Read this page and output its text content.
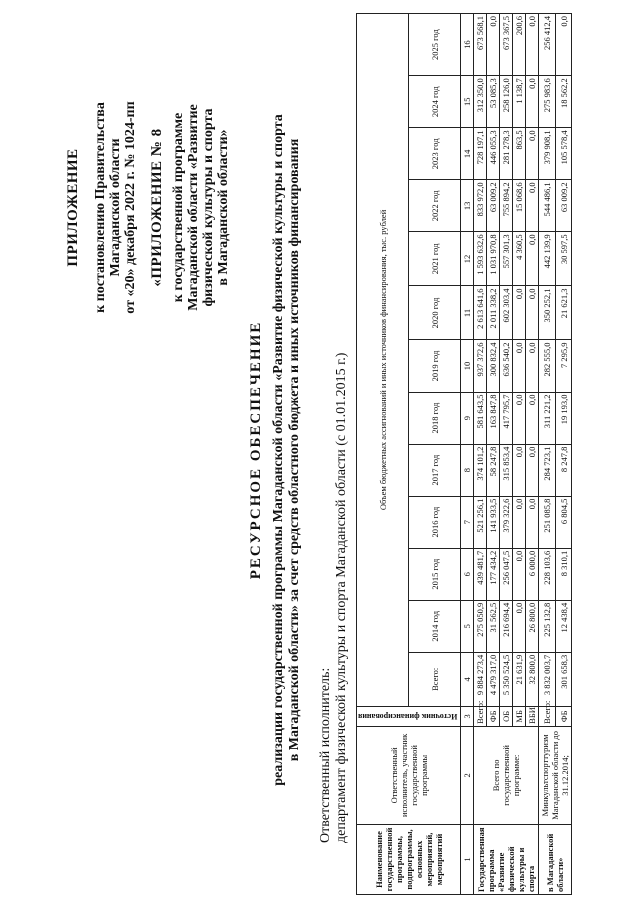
ПРИЛОЖЕНИЕ к постановлению Правительства Магаданской области от «20» декабря 2022 г. № 1024-пп «ПРИЛОЖЕНИЕ № 8 к государственной программе Магаданской области «Развитие физической культуры и спорта в Магаданской области»
РЕСУРСНОЕ ОБЕСПЕЧЕНИЕ реализации государственной программы Магаданской области «Развитие физической культуры и спорта в Магаданской области» за счет средств областного бюджета и иных источников финансирования Ответственный исполнитель: департамент физической культуры и спорта Магаданской области (с 01.01.2015 г.)
Наименование государственной программы, подпрограммы, основных мероприятий, мероприятий	Ответственный исполнитель, участник государственной программы	Источник финансирования	Объем бюджетных ассигнований и иных источников финансирования, тыс. рублей												
			Всего:	2014 год	2015 год	2016 год	2017 год	2018 год	2019 год	2020 год	2021 год	2022 год	2023 год	2024 год	2025 год
1	2	3	4	5	6	7	8	9	10	11	12	13	14	15	16
Государственная программа «Развитие физической культуры и спорта	Всего по государственной программе:	Всего:	9 884 273,4	275 050,9	439 481,7	521 256,1	374 101,2	581 643,5	937 372,6	2 613 641,6	1 593 632,6	833 972,0	728 197,1	312 350,0	673 568,1
		ФБ	4 479 317,0	31 562,5	177 434,2	141 933,5	58 247,8	163 847,8	300 832,4	2 011 338,2	1 031 970,8	63 009,2	446 055,3	53 085,3	0,0
		ОБ	5 350 524,5	216 694,4	256 047,5	379 322,6	315 853,4	417 795,7	636 540,2	602 303,4	557 301,3	755 894,2	281 278,3	258 126,0	673 367,5
		МБ	21 631,9	0,0	0,0	0,0	0,0	0,0	0,0	0,0	4 360,5	15 068,6	863,5	1 138,7	200,6
		ВБИ	32 800,0	26 800,0	6 000,0	0,0	0,0	0,0	0,0	0,0	0,0	0,0	0,0	0,0	0,0
в Магаданской области»	Минкультспорттуризм Магаданской области до 31.12.2014;	Всего:	3 832 003,7	225 132,8	228 103,6	251 085,8	284 723,1	311 221,2	282 555,0	350 252,1	442 139,9	544 486,1	379 908,1	275 983,6	256 412,4
		ФБ	301 658,3	12 438,4	8 310,1	6 804,5	8 247,8	19 193,0	7 295,9	21 621,3	30 597,5	63 009,2	105 578,4	18 562,2	0,0
